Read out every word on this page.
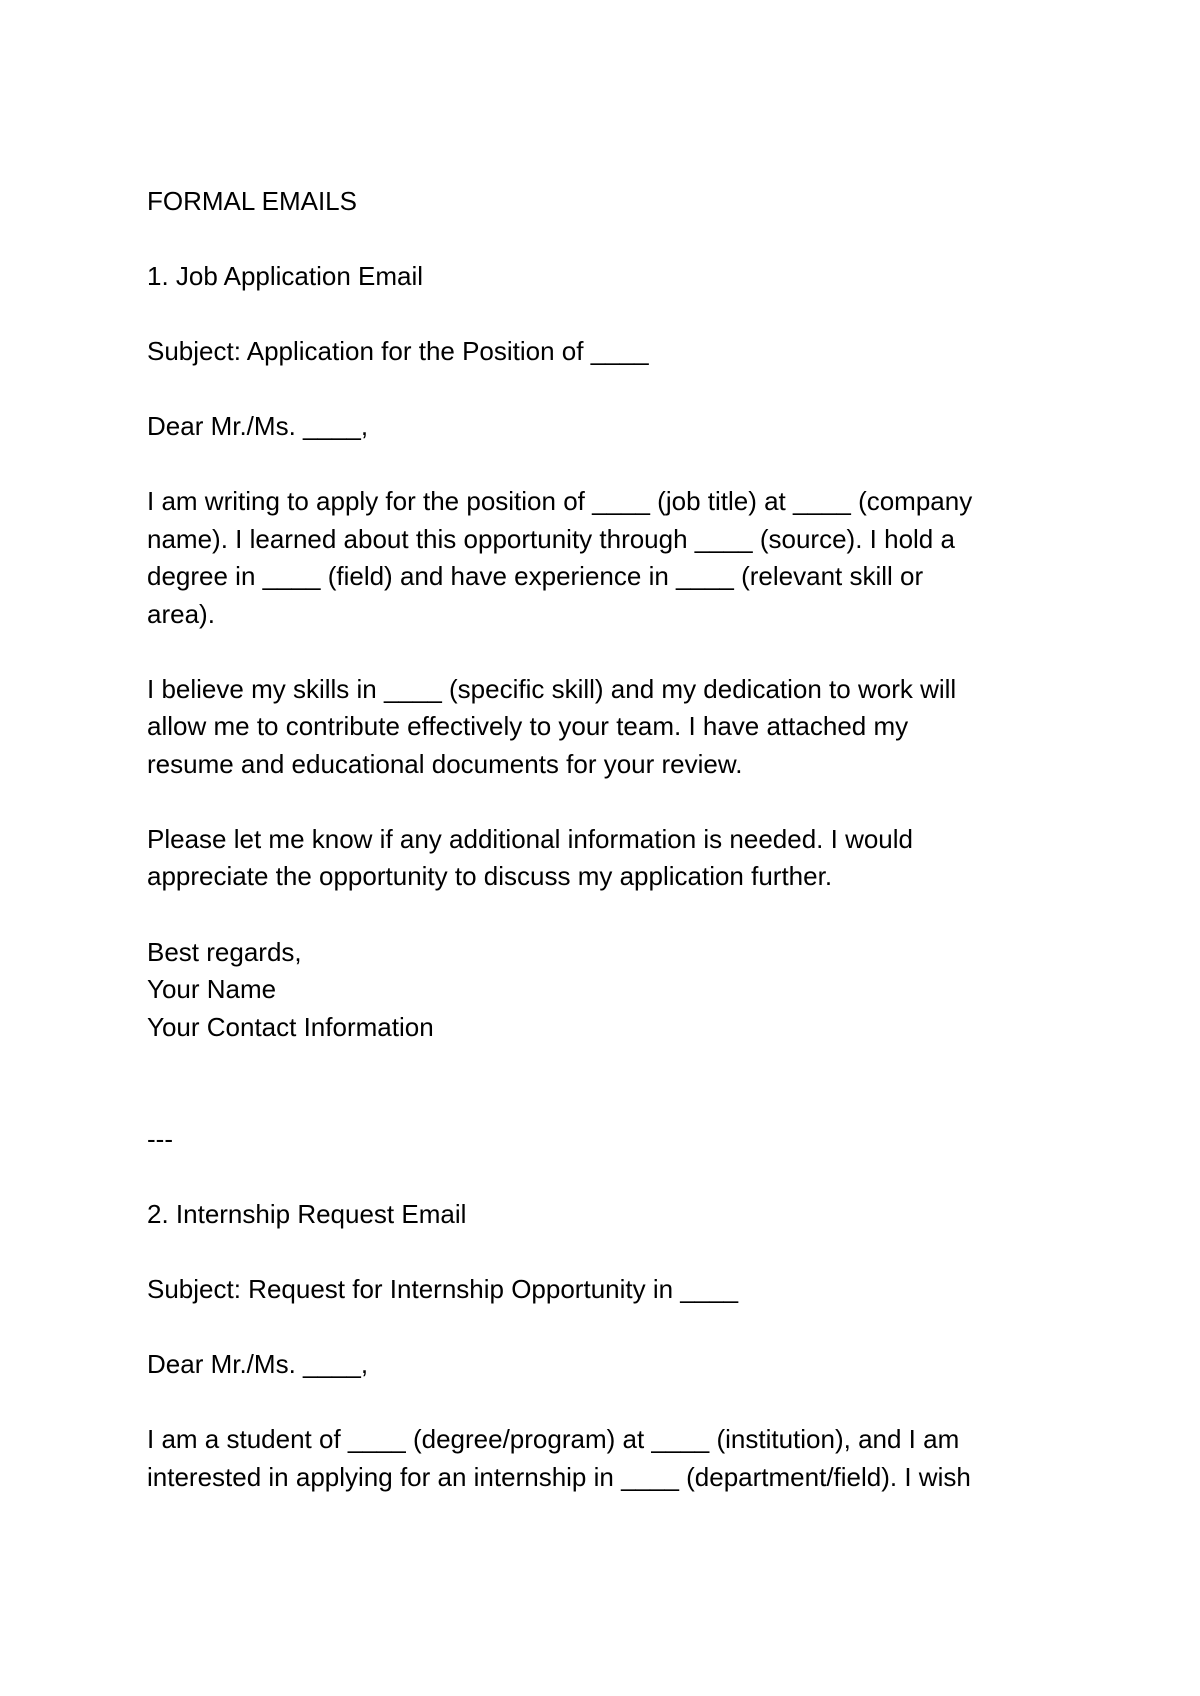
FORMAL EMAILS

1. Job Application Email

Subject: Application for the Position of ____

Dear Mr./Ms. ____,

I am writing to apply for the position of ____ (job title) at ____ (company

name). I learned about this opportunity through ____ (source). I hold a

degree in ____ (field) and have experience in ____ (relevant skill or

area).

I believe my skills in ____ (specific skill) and my dedication to work will

allow me to contribute effectively to your team. I have attached my

resume and educational documents for your review.

Please let me know if any additional information is needed. I would

appreciate the opportunity to discuss my application further.

Best regards,

Your Name

Your Contact Information

---

2. Internship Request Email

Subject: Request for Internship Opportunity in ____

Dear Mr./Ms. ____,

I am a student of ____ (degree/program) at ____ (institution), and I am

interested in applying for an internship in ____ (department/field). I wish
